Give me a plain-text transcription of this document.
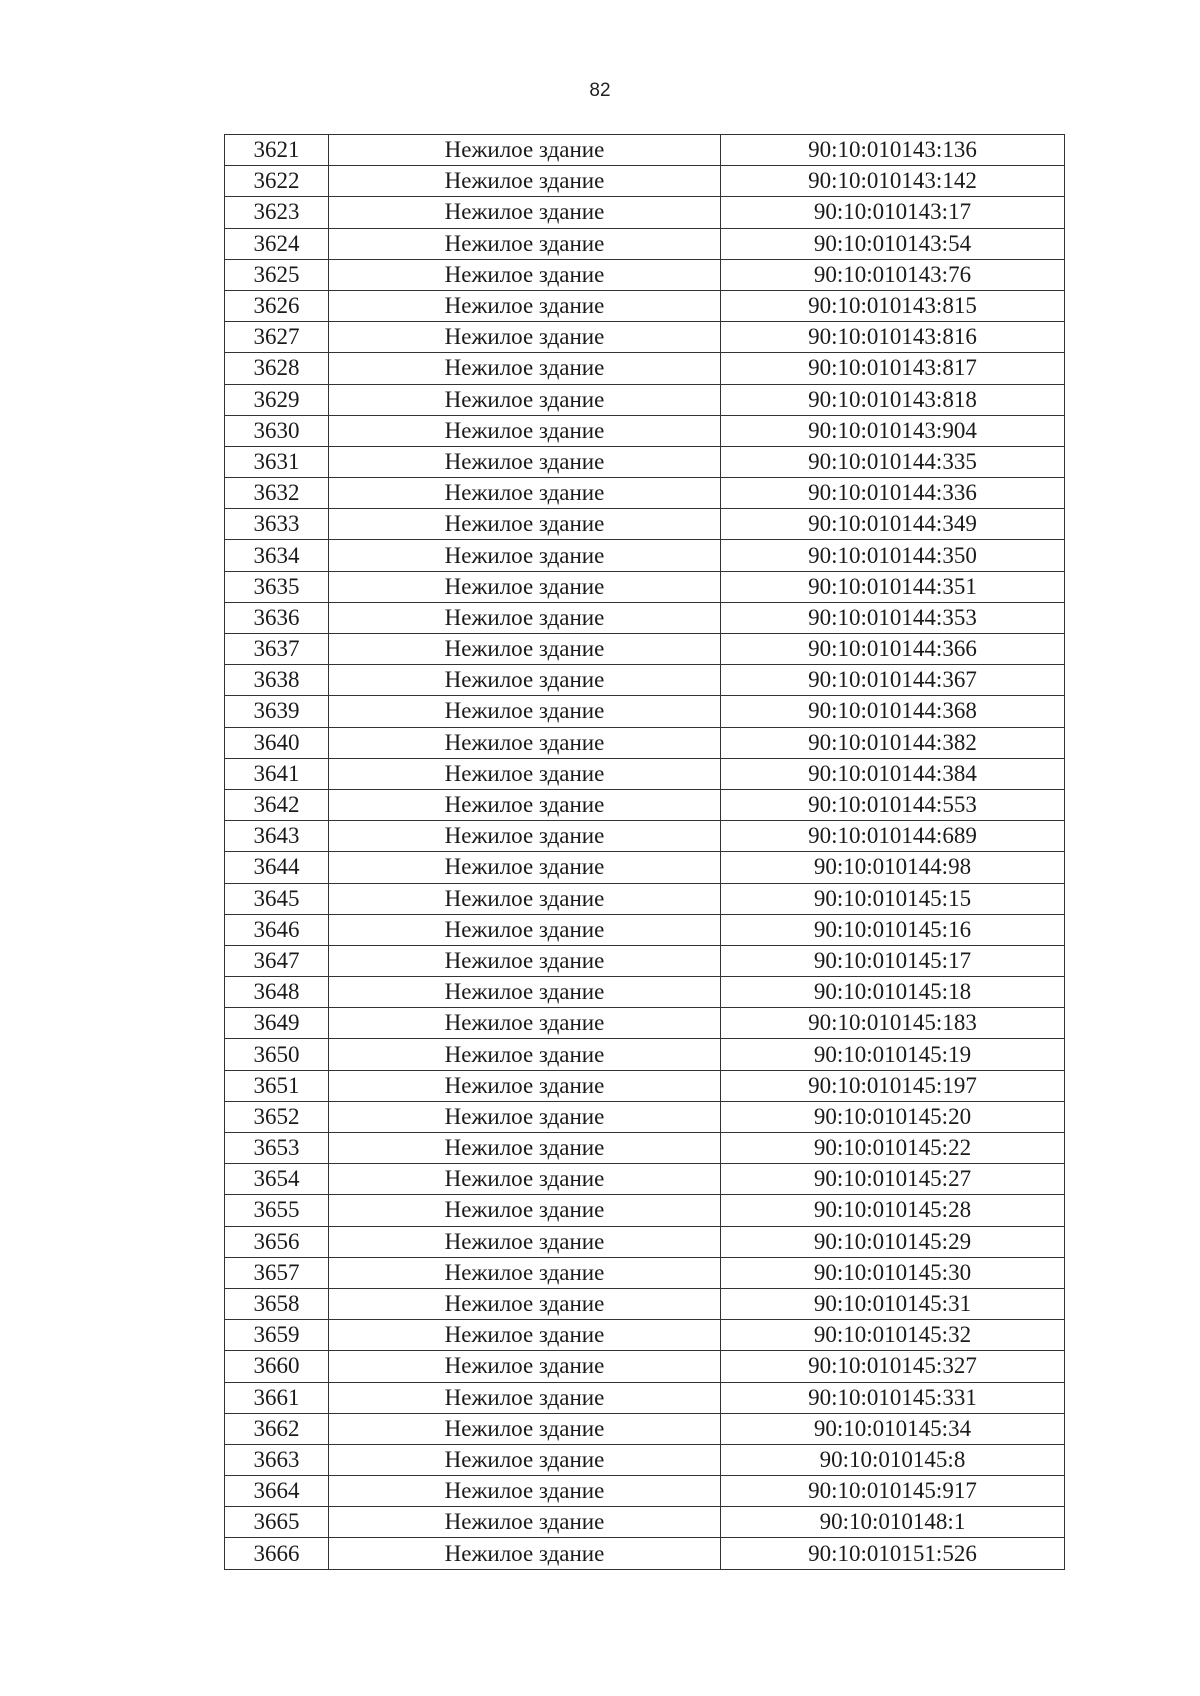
82
3621	Нежилое здание	90:10:010143:136
3622	Нежилое здание	90:10:010143:142
3623	Нежилое здание	90:10:010143:17
3624	Нежилое здание	90:10:010143:54
3625	Нежилое здание	90:10:010143:76
3626	Нежилое здание	90:10:010143:815
3627	Нежилое здание	90:10:010143:816
3628	Нежилое здание	90:10:010143:817
3629	Нежилое здание	90:10:010143:818
3630	Нежилое здание	90:10:010143:904
3631	Нежилое здание	90:10:010144:335
3632	Нежилое здание	90:10:010144:336
3633	Нежилое здание	90:10:010144:349
3634	Нежилое здание	90:10:010144:350
3635	Нежилое здание	90:10:010144:351
3636	Нежилое здание	90:10:010144:353
3637	Нежилое здание	90:10:010144:366
3638	Нежилое здание	90:10:010144:367
3639	Нежилое здание	90:10:010144:368
3640	Нежилое здание	90:10:010144:382
3641	Нежилое здание	90:10:010144:384
3642	Нежилое здание	90:10:010144:553
3643	Нежилое здание	90:10:010144:689
3644	Нежилое здание	90:10:010144:98
3645	Нежилое здание	90:10:010145:15
3646	Нежилое здание	90:10:010145:16
3647	Нежилое здание	90:10:010145:17
3648	Нежилое здание	90:10:010145:18
3649	Нежилое здание	90:10:010145:183
3650	Нежилое здание	90:10:010145:19
3651	Нежилое здание	90:10:010145:197
3652	Нежилое здание	90:10:010145:20
3653	Нежилое здание	90:10:010145:22
3654	Нежилое здание	90:10:010145:27
3655	Нежилое здание	90:10:010145:28
3656	Нежилое здание	90:10:010145:29
3657	Нежилое здание	90:10:010145:30
3658	Нежилое здание	90:10:010145:31
3659	Нежилое здание	90:10:010145:32
3660	Нежилое здание	90:10:010145:327
3661	Нежилое здание	90:10:010145:331
3662	Нежилое здание	90:10:010145:34
3663	Нежилое здание	90:10:010145:8
3664	Нежилое здание	90:10:010145:917
3665	Нежилое здание	90:10:010148:1
3666	Нежилое здание	90:10:010151:526
